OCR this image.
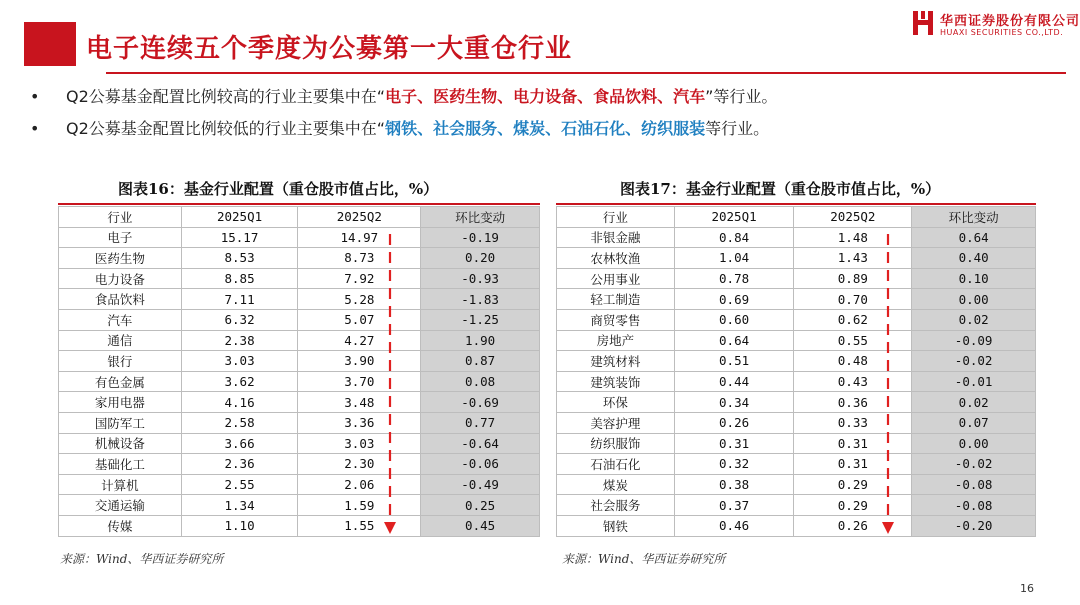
电子连续五个季度为公募第一大重仓行业
华西证券股份有限公司
HUAXI SECURITIES CO.,LTD.
• Q2公募基金配置比例较高的行业主要集中在“电子、医药生物、电力设备、食品饮料、汽车”等行业。
• Q2公募基金配置比例较低的行业主要集中在“钢铁、社会服务、煤炭、石油石化、纺织服装等行业。
图表16：基金行业配置（重仓股市值占比，%）
行业	2025Q1	2025Q2	环比变动
电子	15.17	14.97	-0.19
医药生物	8.53	8.73	0.20
电力设备	8.85	7.92	-0.93
食品饮料	7.11	5.28	-1.83
汽车	6.32	5.07	-1.25
通信	2.38	4.27	1.90
银行	3.03	3.90	0.87
有色金属	3.62	3.70	0.08
家用电器	4.16	3.48	-0.69
国防军工	2.58	3.36	0.77
机械设备	3.66	3.03	-0.64
基础化工	2.36	2.30	-0.06
计算机	2.55	2.06	-0.49
交通运输	1.34	1.59	0.25
传媒	1.10	1.55	0.45
来源：Wind、华西证券研究所
图表17：基金行业配置（重仓股市值占比，%）
行业	2025Q1	2025Q2	环比变动
非银金融	0.84	1.48	0.64
农林牧渔	1.04	1.43	0.40
公用事业	0.78	0.89	0.10
轻工制造	0.69	0.70	0.00
商贸零售	0.60	0.62	0.02
房地产	0.64	0.55	-0.09
建筑材料	0.51	0.48	-0.02
建筑装饰	0.44	0.43	-0.01
环保	0.34	0.36	0.02
美容护理	0.26	0.33	0.07
纺织服饰	0.31	0.31	0.00
石油石化	0.32	0.31	-0.02
煤炭	0.38	0.29	-0.08
社会服务	0.37	0.29	-0.08
钢铁	0.46	0.26	-0.20
来源：Wind、华西证券研究所
16
